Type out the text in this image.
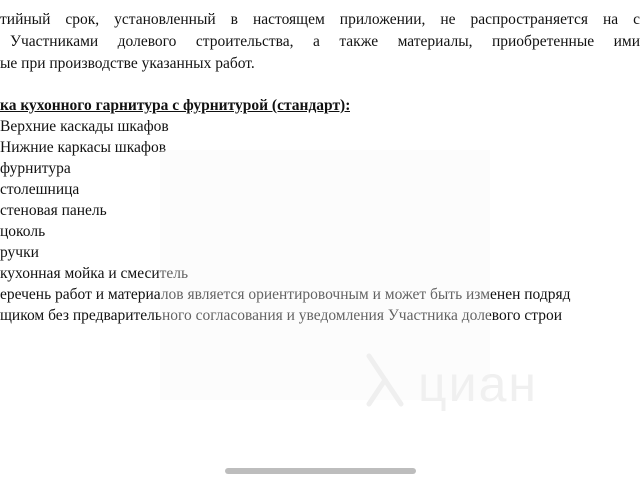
тийный срок, установленный в настоящем приложении, не распространяется на с
Участниками долевого строительства, а также материалы, приобретенные ими
ые при производстве указанных работ.
ка кухонного гарнитура с фурнитурой (стандарт):
Верхние каскады шкафов
Нижние каркасы шкафов
фурнитура
столешница
стеновая панель
цоколь
ручки
кухонная мойка и смеситель
еречень работ и материалов является ориентировочным и может быть изменен подряд
щиком без предварительного согласования и уведомления Участника долевого строи
циан
